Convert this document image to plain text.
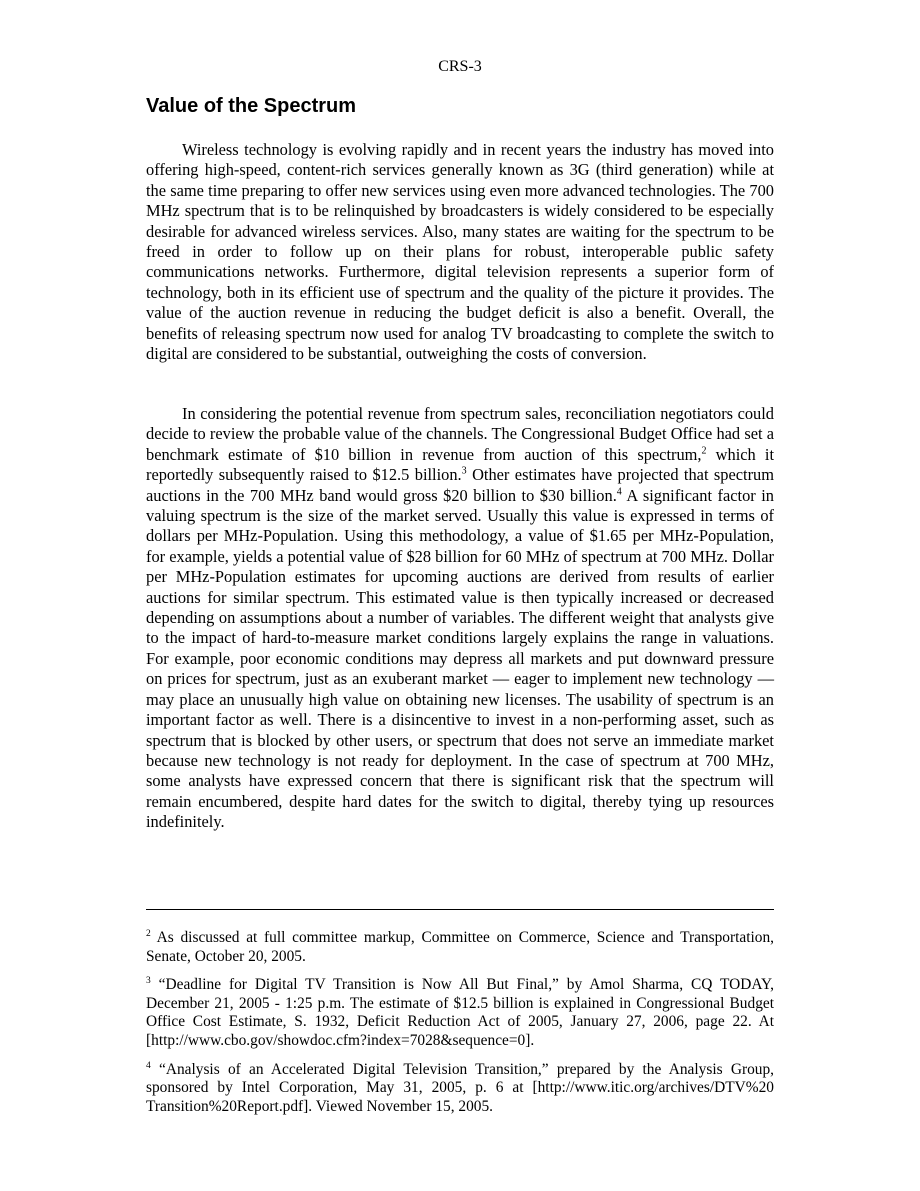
CRS-3
Value of the Spectrum

Wireless technology is evolving rapidly and in recent years the industry has moved into offering high-speed, content-rich services generally known as 3G (third generation) while at the same time preparing to offer new services using even more advanced technologies. The 700 MHz spectrum that is to be relinquished by broadcasters is widely considered to be especially desirable for advanced wireless services. Also, many states are waiting for the spectrum to be freed in order to follow up on their plans for robust, interoperable public safety communications networks. Furthermore, digital television represents a superior form of technology, both in its efficient use of spectrum and the quality of the picture it provides. The value of the auction revenue in reducing the budget deficit is also a benefit. Overall, the benefits of releasing spectrum now used for analog TV broadcasting to complete the switch to digital are considered to be substantial, outweighing the costs of conversion.

In considering the potential revenue from spectrum sales, reconciliation negotiators could decide to review the probable value of the channels. The Congressional Budget Office had set a benchmark estimate of $10 billion in revenue from auction of this spectrum,$^2$ which it reportedly subsequently raised to $12.5 billion.$^3$ Other estimates have projected that spectrum auctions in the 700 MHz band would gross $20 billion to $30 billion.$^4$ A significant factor in valuing spectrum is the size of the market served. Usually this value is expressed in terms of dollars per MHz-Population. Using this methodology, a value of $1.65 per MHz-Population, for example, yields a potential value of $28 billion for 60 MHz of spectrum at 700 MHz. Dollar per MHz-Population estimates for upcoming auctions are derived from results of earlier auctions for similar spectrum. This estimated value is then typically increased or decreased depending on assumptions about a number of variables. The different weight that analysts give to the impact of hard-to-measure market conditions largely explains the range in valuations. For example, poor economic conditions may depress all markets and put downward pressure on prices for spectrum, just as an exuberant market — eager to implement new technology — may place an unusually high value on obtaining new licenses. The usability of spectrum is an important factor as well. There is a disincentive to invest in a non-performing asset, such as spectrum that is blocked by other users, or spectrum that does not serve an immediate market because new technology is not ready for deployment. In the case of spectrum at 700 MHz, some analysts have expressed concern that there is significant risk that the spectrum will remain encumbered, despite hard dates for the switch to digital, thereby tying up resources indefinitely.

$^2$ As discussed at full committee markup, Committee on Commerce, Science and Transportation, Senate, October 20, 2005.
$^3$ “Deadline for Digital TV Transition is Now All But Final,” by Amol Sharma, CQ TODAY, December 21, 2005 - 1:25 p.m. The estimate of $12.5 billion is explained in Congressional Budget Office Cost Estimate, S. 1932, Deficit Reduction Act of 2005, January 27, 2006, page 22. At [http://www.cbo.gov/showdoc.cfm?index=7028&sequence=0].
$^4$ “Analysis of an Accelerated Digital Television Transition,” prepared by the Analysis Group, sponsored by Intel Corporation, May 31, 2005, p. 6 at [http://www.itic.org/archives/DTV%20 Transition%20Report.pdf]. Viewed November 15, 2005.
